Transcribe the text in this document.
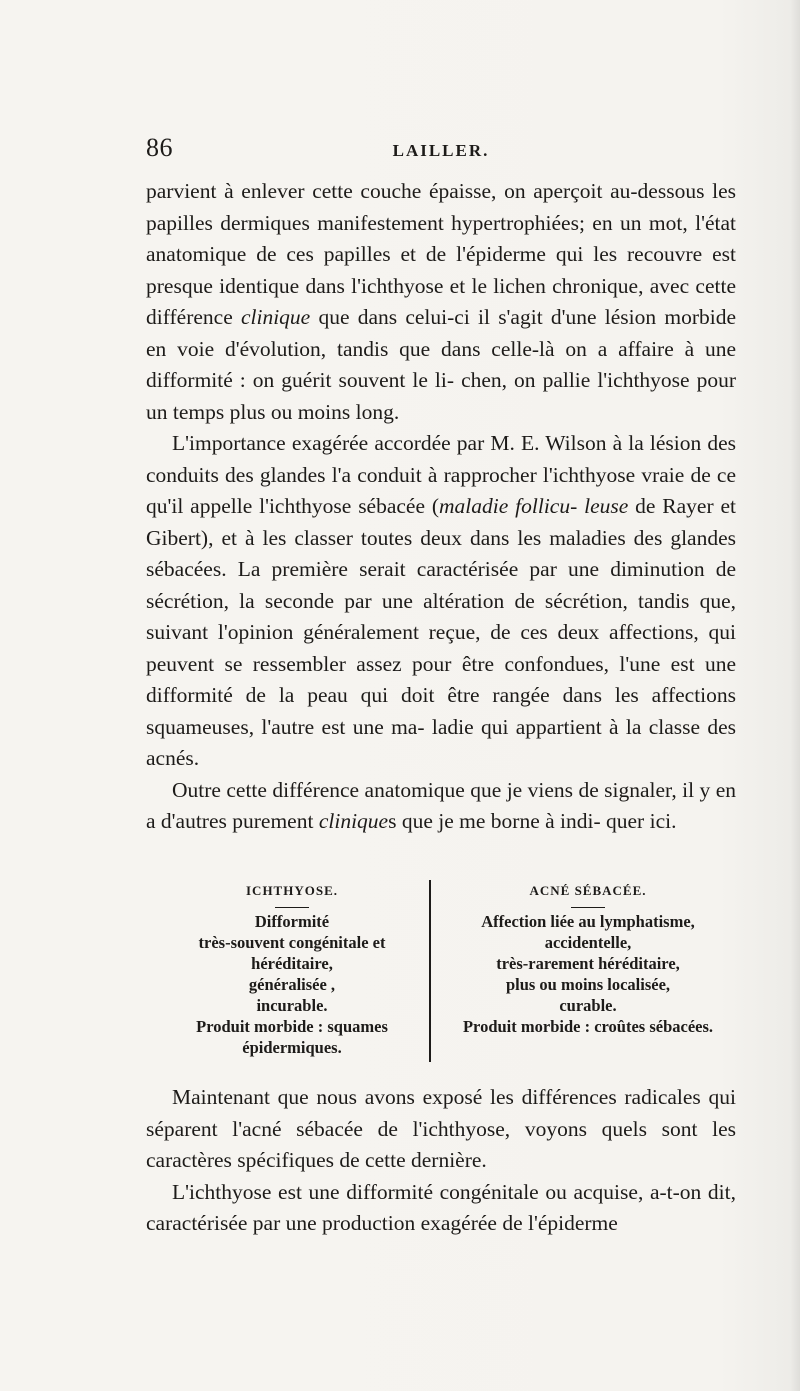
86	LAILLER.

parvient à enlever cette couche épaisse, on aperçoit au-dessous les papilles dermiques manifestement hypertrophiées; en un mot, l'état anatomique de ces papilles et de l'épiderme qui les recouvre est presque identique dans l'ichthyose et le lichen chronique, avec cette différence clinique que dans celui-ci il s'agit d'une lésion morbide en voie d'évolution, tandis que dans celle-là on a affaire à une difformité : on guérit souvent le li- chen, on pallie l'ichthyose pour un temps plus ou moins long.

L'importance exagérée accordée par M. E. Wilson à la lésion des conduits des glandes l'a conduit à rapprocher l'ichthyose vraie de ce qu'il appelle l'ichthyose sébacée (maladie follicu- leuse de Rayer et Gibert), et à les classer toutes deux dans les maladies des glandes sébacées. La première serait caractérisée par une diminution de sécrétion, la seconde par une altération de sécrétion, tandis que, suivant l'opinion généralement reçue, de ces deux affections, qui peuvent se ressembler assez pour être confondues, l'une est une difformité de la peau qui doit être rangée dans les affections squameuses, l'autre est une ma- ladie qui appartient à la classe des acnés.

Outre cette différence anatomique que je viens de signaler, il y en a d'autres purement cliniques que je me borne à indi- quer ici.

ICHTHYOSE.
Difformité
très-souvent congénitale et
héréditaire,
généralisée ,
incurable.
Produit morbide : squames
épidermiques.
ACNÉ SÉBACÉE.
Affection liée au lymphatisme,
accidentelle,
très-rarement héréditaire,
plus ou moins localisée,
curable.
Produit morbide : croûtes sébacées.

Maintenant que nous avons exposé les différences radicales qui séparent l'acné sébacée de l'ichthyose, voyons quels sont les caractères spécifiques de cette dernière.

L'ichthyose est une difformité congénitale ou acquise, a-t-on dit, caractérisée par une production exagérée de l'épiderme
